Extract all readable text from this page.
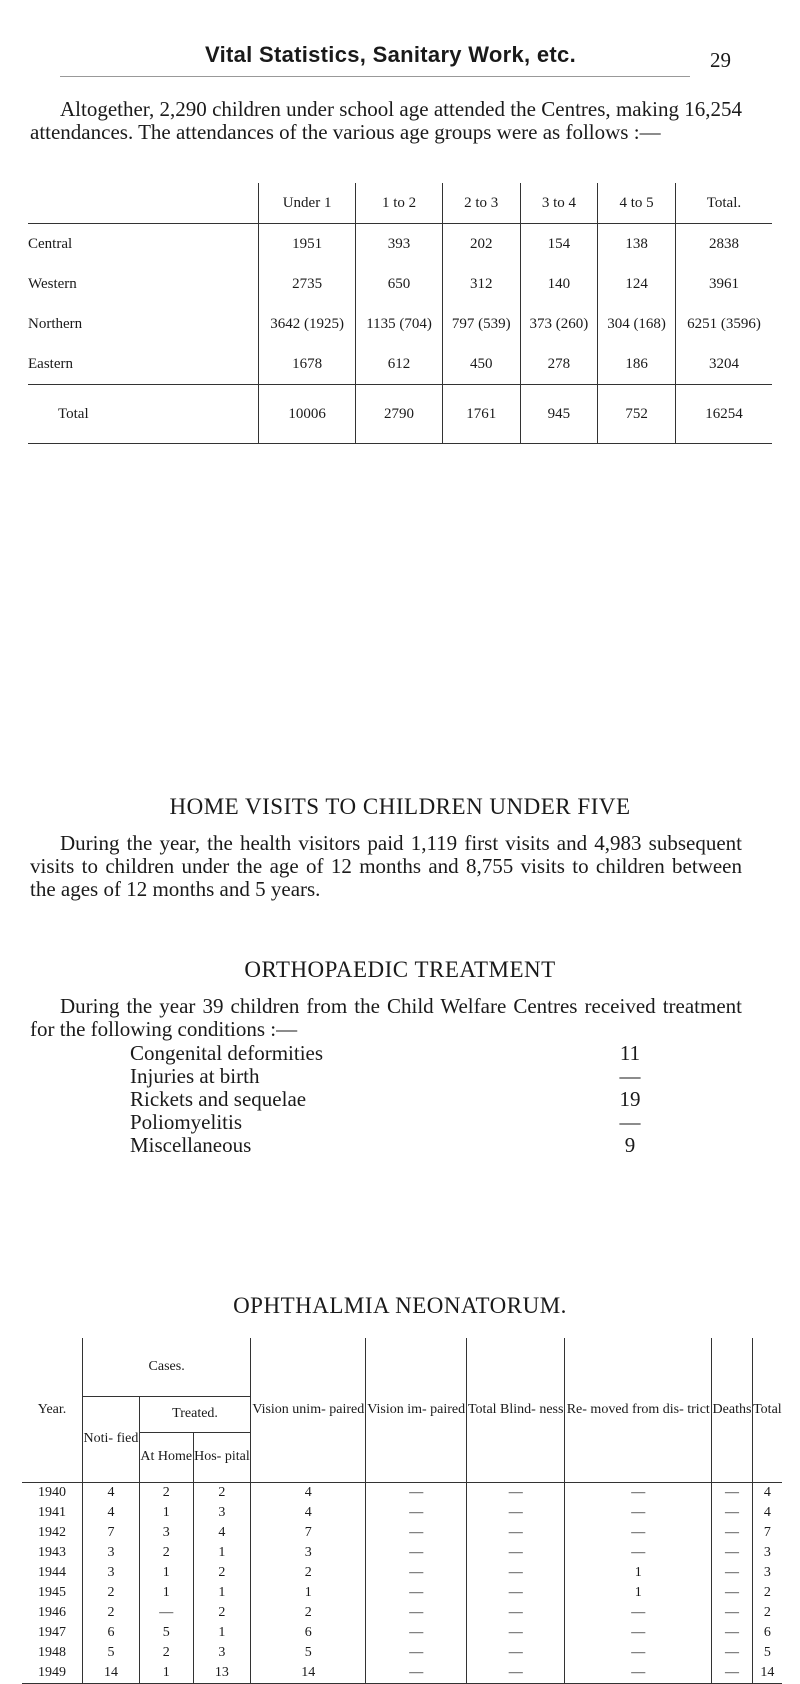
Vital Statistics, Sanitary Work, etc.	29
Altogether, 2,290 children under school age attended the Centres, making 16,254 attendances. The attendances of the various age groups were as follows :—
	Under 1	1 to 2	2 to 3	3 to 4	4 to 5	Total.
Central	1951	393	202	154	138	2838
Western	2735	650	312	140	124	3961
Northern	3642 (1925)	1135 (704)	797 (539)	373 (260)	304 (168)	6251 (3596)
Eastern	1678	612	450	278	186	3204
Total	10006	2790	1761	945	752	16254
HOME VISITS TO CHILDREN UNDER FIVE
During the year, the health visitors paid 1,119 first visits and 4,983 subsequent visits to children under the age of 12 months and 8,755 visits to children between the ages of 12 months and 5 years.
ORTHOPAEDIC TREATMENT
During the year 39 children from the Child Welfare Centres received treatment for the following conditions :—
Congenital deformities	11
Injuries at birth	—
Rickets and sequelae	19
Poliomyelitis	—
Miscellaneous	9
OPHTHALMIA NEONATORUM.
Year.	Cases.			Vision unim- paired	Vision im- paired	Total Blind- ness	Re- moved from dis- trict	Deaths	Total
	Noti- fied	Treated.							
		At Home	Hos- pital						
1940	4	2	2	4	—	—	—	—	4
1941	4	1	3	4	—	—	—	—	4
1942	7	3	4	7	—	—	—	—	7
1943	3	2	1	3	—	—	—	—	3
1944	3	1	2	2	—	—	1	—	3
1945	2	1	1	1	—	—	1	—	2
1946	2	—	2	2	—	—	—	—	2
1947	6	5	1	6	—	—	—	—	6
1948	5	2	3	5	—	—	—	—	5
1949	14	1	13	14	—	—	—	—	14
